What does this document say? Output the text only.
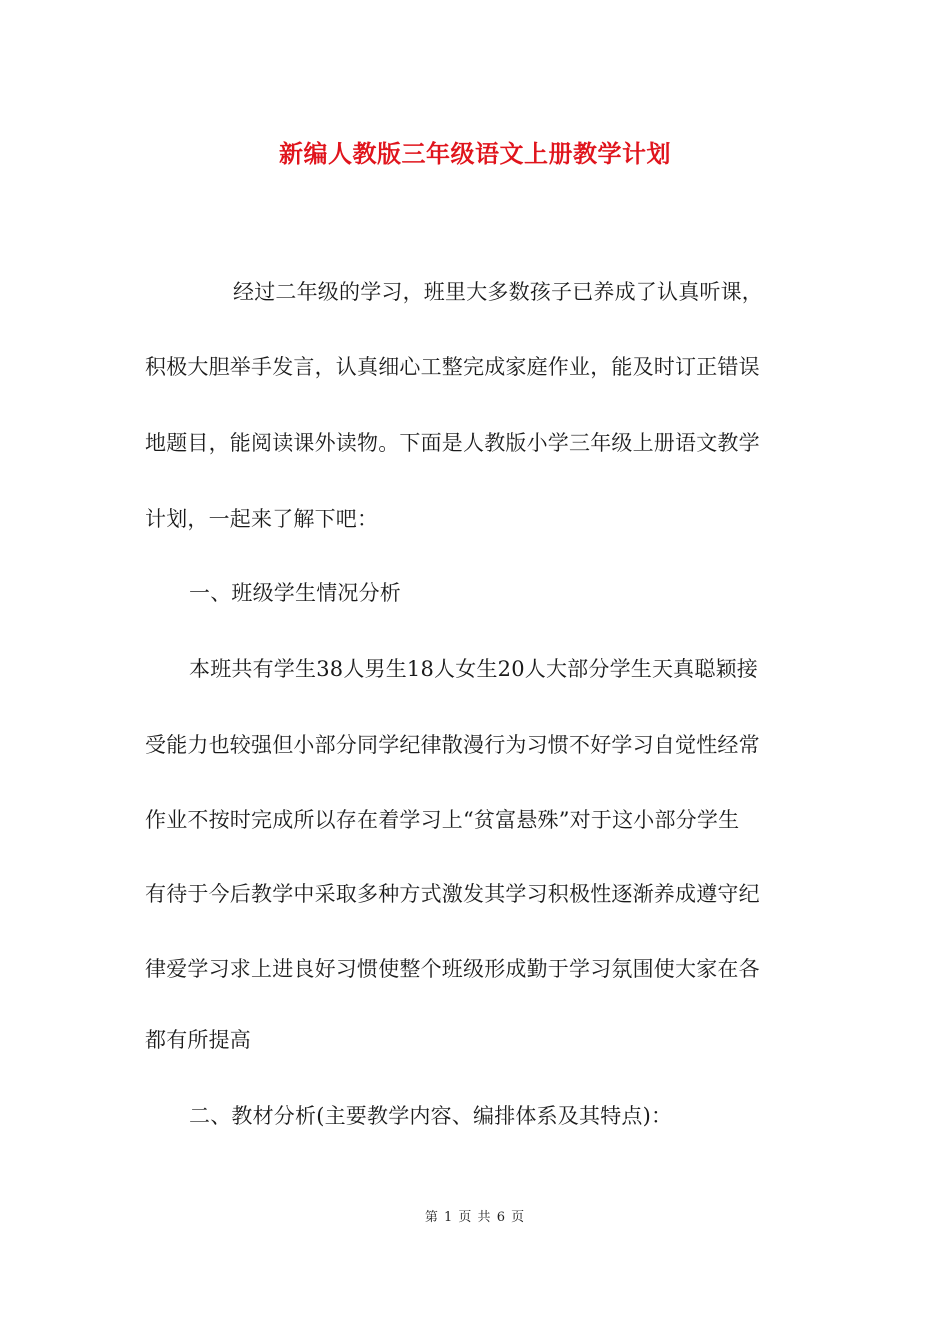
新编人教版三年级语文上册教学计划
经过二年级的学习，班里大多数孩子已养成了认真听课，
积极大胆举手发言，认真细心工整完成家庭作业，能及时订正错误
地题目，能阅读课外读物。下面是人教版小学三年级上册语文教学
计划，一起来了解下吧：
一、班级学生情况分析
本班共有学生38人男生18人女生20人大部分学生天真聪颖接
受能力也较强但小部分同学纪律散漫行为习惯不好学习自觉性经常
作业不按时完成所以存在着学习上“贫富悬殊”对于这小部分学生
有待于今后教学中采取多种方式激发其学习积极性逐渐养成遵守纪
律爱学习求上进良好习惯使整个班级形成勤于学习氛围使大家在各
都有所提高
二、教材分析(主要教学内容、编排体系及其特点)：
第 1 页 共 6 页
